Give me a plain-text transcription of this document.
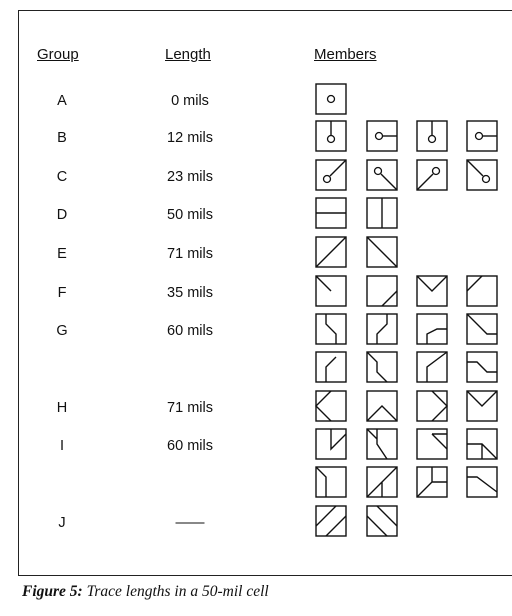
Group	Length	Members
A	0 mils
B	12 mils
C	23 mils
D	50 mils
E	71 mils
F	35 mils
G	60 mils
H	71 mils
I	60 mils
J	——
Figure 5: Trace lengths in a 50-mil cell
